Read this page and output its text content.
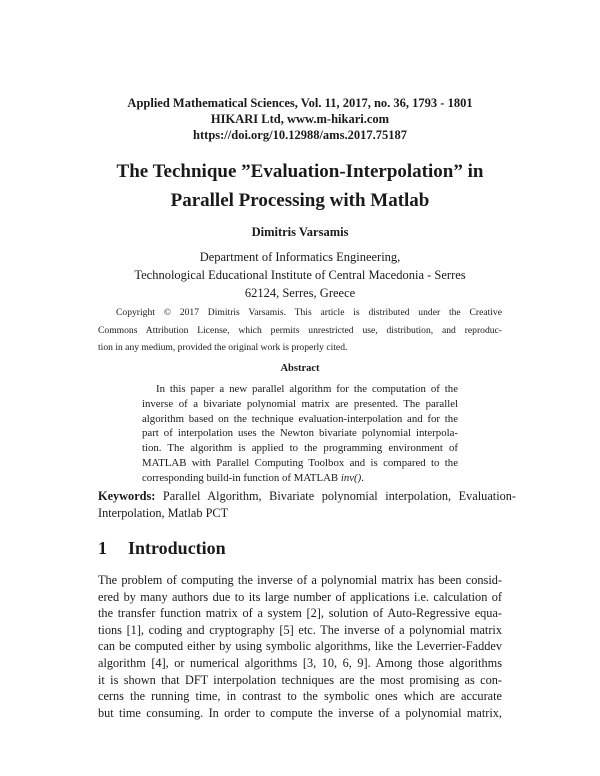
Applied Mathematical Sciences, Vol. 11, 2017, no. 36, 1793 - 1801
HIKARI Ltd, www.m-hikari.com
https://doi.org/10.12988/ams.2017.75187
The Technique ”Evaluation-Interpolation” in
Parallel Processing with Matlab
Dimitris Varsamis
Department of Informatics Engineering,
Technological Educational Institute of Central Macedonia - Serres
62124, Serres, Greece
Copyright © 2017 Dimitris Varsamis. This article is distributed under the Creative
Commons Attribution License, which permits unrestricted use, distribution, and reproduc-
tion in any medium, provided the original work is properly cited.
Abstract
In this paper a new parallel algorithm for the computation of the
inverse of a bivariate polynomial matrix are presented. The parallel
algorithm based on the technique evaluation-interpolation and for the
part of interpolation uses the Newton bivariate polynomial interpola-
tion. The algorithm is applied to the programming environment of
MATLAB with Parallel Computing Toolbox and is compared to the
corresponding build-in function of MATLAB inv().
Keywords: Parallel Algorithm, Bivariate polynomial interpolation, Evaluation-
Interpolation, Matlab PCT
1 Introduction
The problem of computing the inverse of a polynomial matrix has been consid-
ered by many authors due to its large number of applications i.e. calculation of
the transfer function matrix of a system [2], solution of Auto-Regressive equa-
tions [1], coding and cryptography [5] etc. The inverse of a polynomial matrix
can be computed either by using symbolic algorithms, like the Leverrier-Faddev
algorithm [4], or numerical algorithms [3, 10, 6, 9]. Among those algorithms
it is shown that DFT interpolation techniques are the most promising as con-
cerns the running time, in contrast to the symbolic ones which are accurate
but time consuming. In order to compute the inverse of a polynomial matrix,
